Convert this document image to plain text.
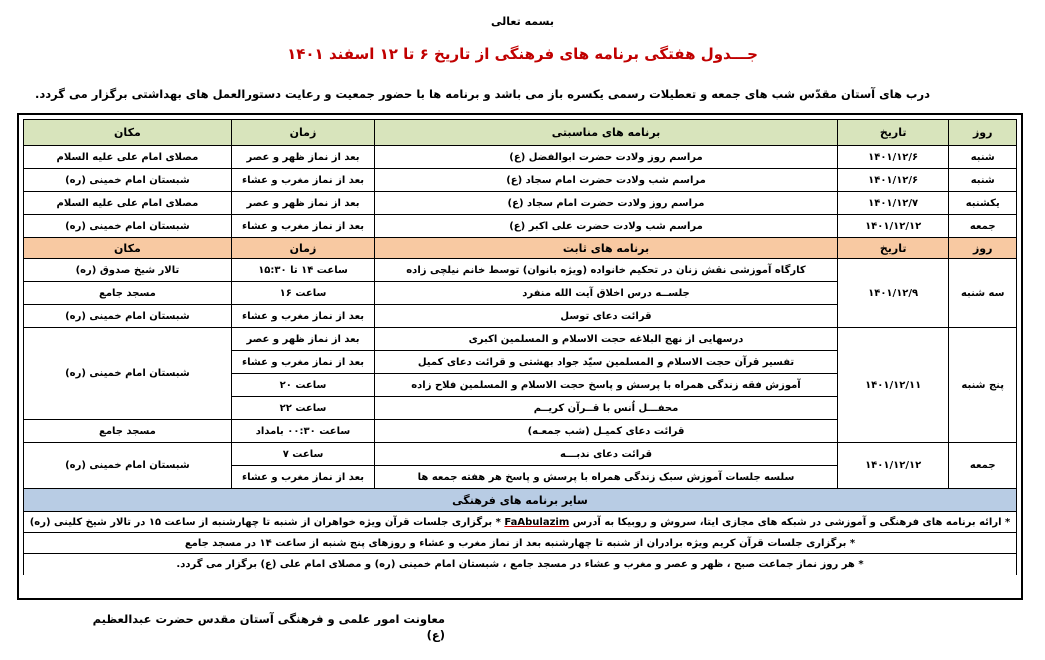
بسمه تعالی
جـــدول هفتگی برنامه های فرهنگی از تاریخ ۶ تا ۱۲ اسفند ۱۴۰۱
درب های آستان مقدّس شب های جمعه و تعطیلات رسمی یکسره باز می باشد و برنامه ها با حضور جمعیت و رعایت دستورالعمل های بهداشتی برگزار می گردد.
روز	تاریخ	برنامه های مناسبتی	زمان	مکان
شنبه	۱۴۰۱/۱۲/۶	مراسم روز ولادت حضرت ابوالفضل (ع)	بعد از نماز ظهر و عصر	مصلای امام علی علیه السلام
شنبه	۱۴۰۱/۱۲/۶	مراسم شب ولادت حضرت امام سجاد (ع)	بعد از نماز مغرب و عشاء	شبستان امام خمینی (ره)
یکشنبه	۱۴۰۱/۱۲/۷	مراسم روز ولادت حضرت امام سجاد (ع)	بعد از نماز ظهر و عصر	مصلای امام علی علیه السلام
جمعه	۱۴۰۱/۱۲/۱۲	مراسم شب ولادت حضرت علی اکبر (ع)	بعد از نماز مغرب و عشاء	شبستان امام خمینی (ره)
روز	تاریخ	برنامه های ثابت	زمان	مکان
سه شنبه	۱۴۰۱/۱۲/۹	کارگاه آموزشی نقش زنان در تحکیم خانواده (ویژه بانوان) توسط خانم نیلچی زاده	ساعت ۱۴ تا ۱۵:۳۰	تالار شیخ صدوق (ره)
		جلســه درس اخلاق آیت الله منفرد	ساعت ۱۶	مسجد جامع
		قرائت دعای توسل	بعد از نماز مغرب و عشاء	شبستان امام خمینی (ره)
پنج شنبه	۱۴۰۱/۱۲/۱۱	درسهایی از نهج البلاغه حجت الاسلام و المسلمین اکبری	بعد از نماز ظهر و عصر	شبستان امام خمینی (ره)
		تفسیر قرآن حجت الاسلام و المسلمین سیّد جواد بهشتی و قرائت دعای کمیل	بعد از نماز مغرب و عشاء	
		آموزش فقه زندگی همراه با پرسش و پاسخ حجت الاسلام و المسلمین فلاح زاده	ساعت ۲۰	
		محفـــل اُنس با قــرآن کریــم	ساعت ۲۲	
		قرائت دعای کمیـل (شب جمعـه)	ساعت ۰۰:۳۰ بامداد	مسجد جامع
جمعه	۱۴۰۱/۱۲/۱۲	قرائت دعای ندبـــه	ساعت ۷	شبستان امام خمینی (ره)
		سلسه جلسات آموزش سبک زندگی همراه با پرسش و پاسخ هر هفته جمعه ها	بعد از نماز مغرب و عشاء	
سایر برنامه های فرهنگی				
* ارائه برنامه های فرهنگی و آموزشی در شبکه های مجازی ایتا، سروش و روبیکا به آدرس FaAbulazim * برگزاری جلسات قرآن ویژه خواهران از شنبه تا چهارشنبه از ساعت ۱۵ در تالار شیخ کلینی (ره)
* برگزاری جلسات قرآن کریم ویژه برادران از شنبه تا چهارشنبه بعد از نماز مغرب و عشاء و روزهای پنج شنبه از ساعت ۱۴ در مسجد جامع
* هر روز نماز جماعت صبح ، ظهر و عصر و مغرب و عشاء در مسجد جامع ، شبستان امام خمینی (ره) و مصلای امام علی (ع) برگزار می گردد.
معاونت امور علمی و فرهنگی آستان مقدس حضرت عبدالعظیم
(ع)
